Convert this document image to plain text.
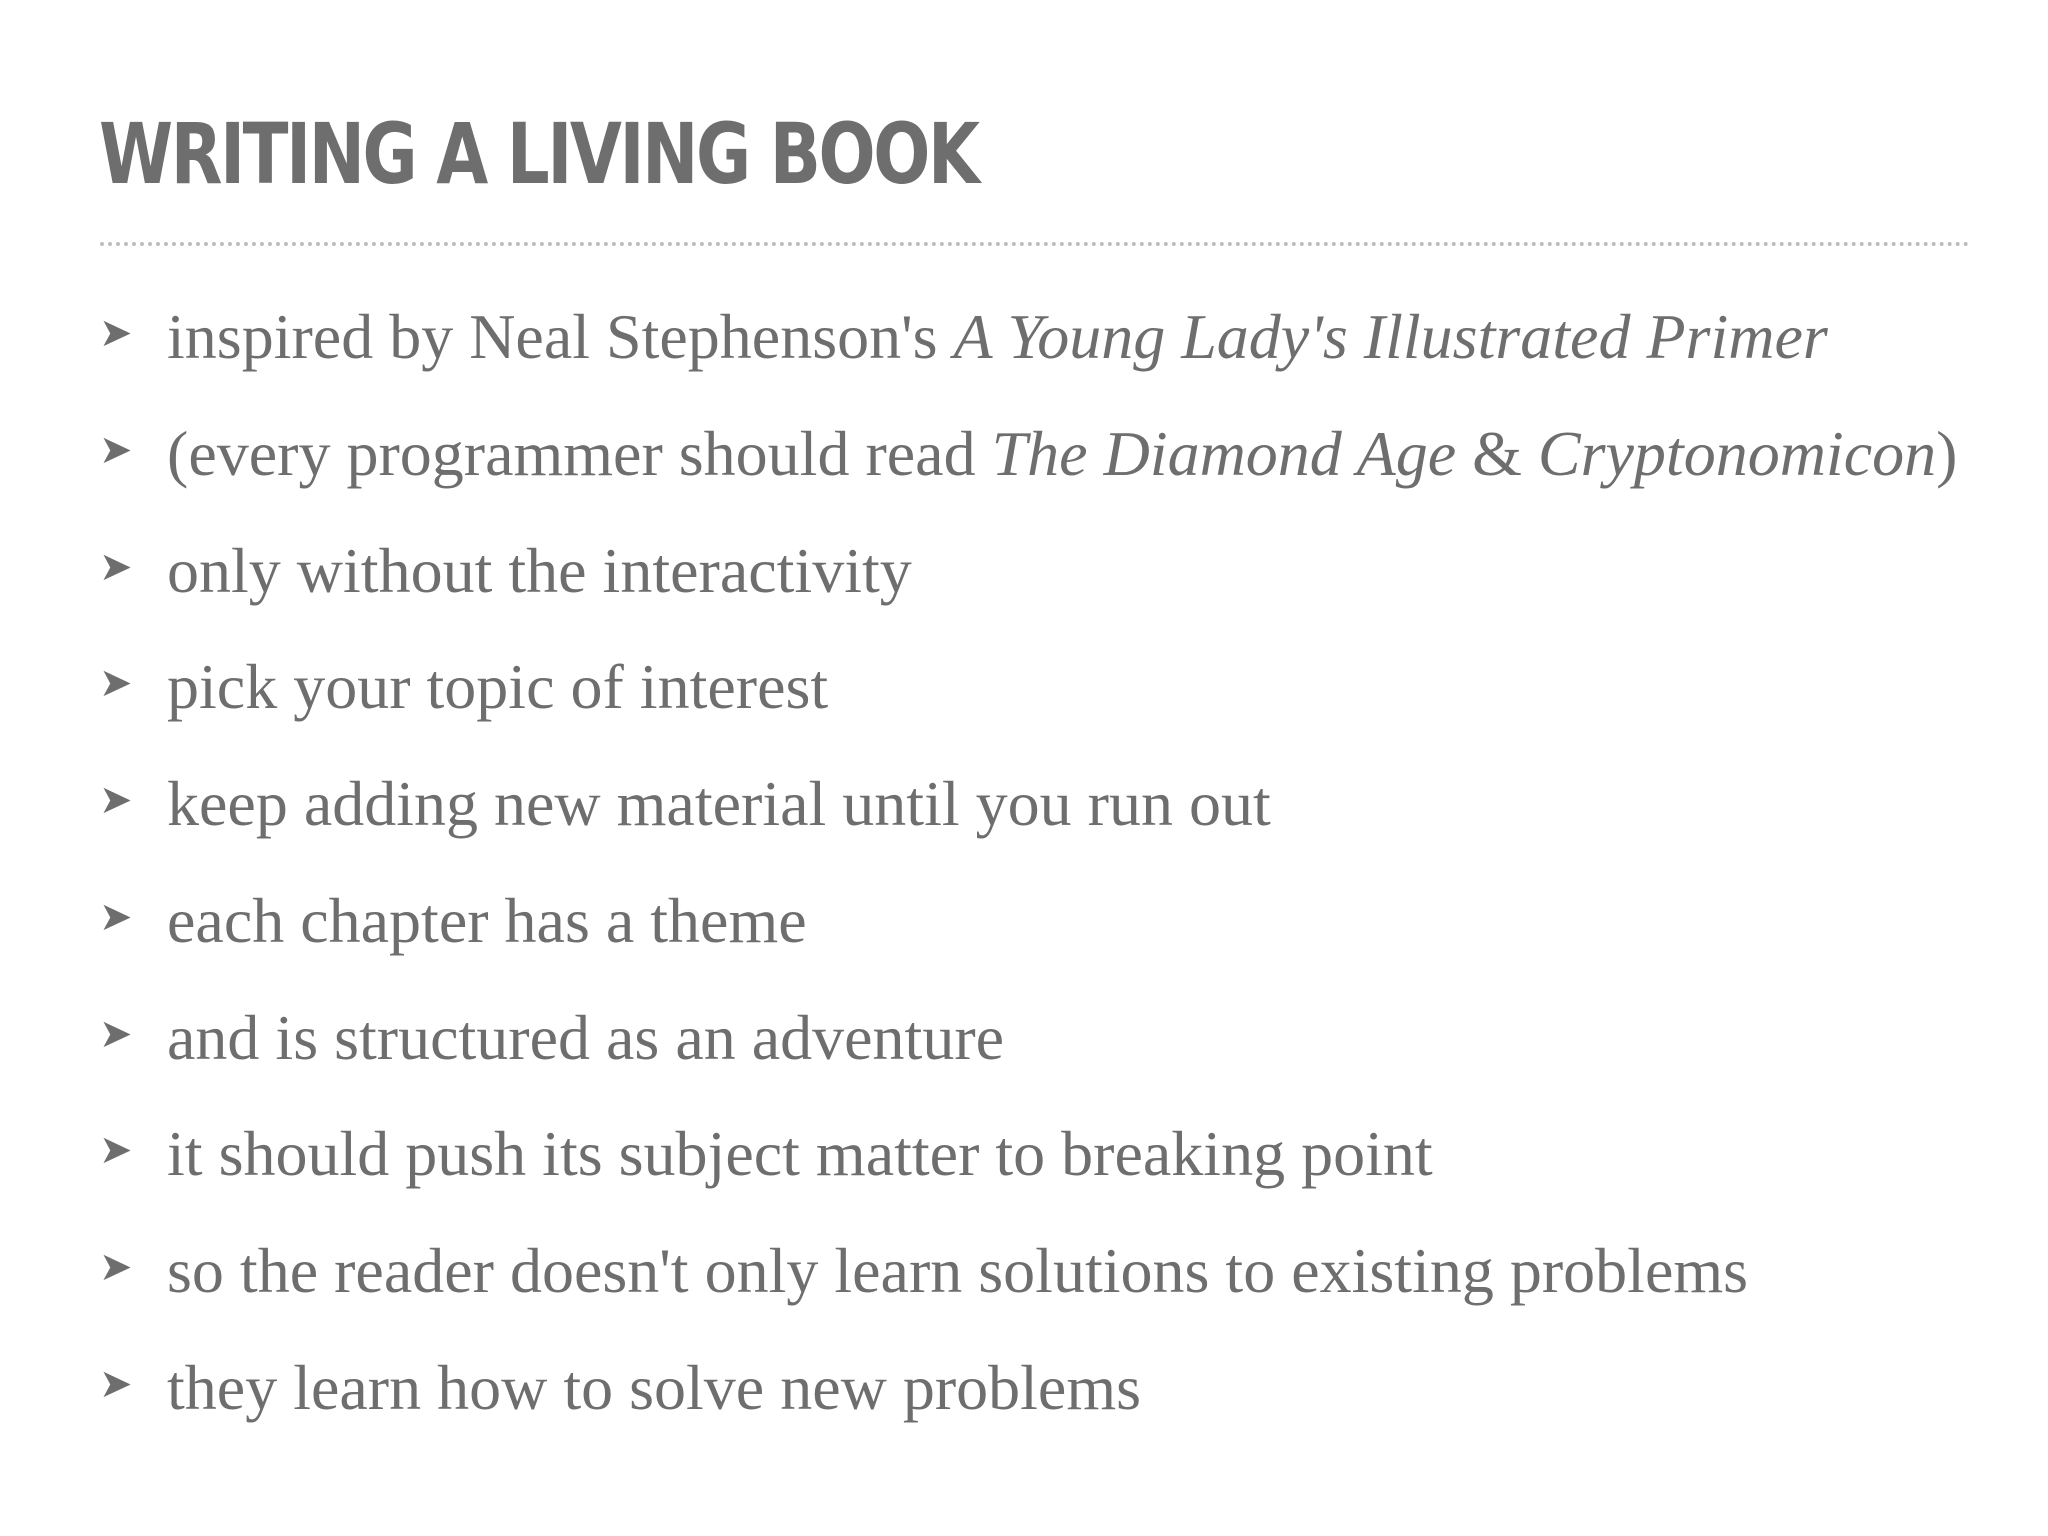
WRITING A LIVING BOOK
➤ inspired by Neal Stephenson's A Young Lady's Illustrated Primer
➤ (every programmer should read The Diamond Age & Cryptonomicon)
➤ only without the interactivity
➤ pick your topic of interest
➤ keep adding new material until you run out
➤ each chapter has a theme
➤ and is structured as an adventure
➤ it should push its subject matter to breaking point
➤ so the reader doesn't only learn solutions to existing problems
➤ they learn how to solve new problems
